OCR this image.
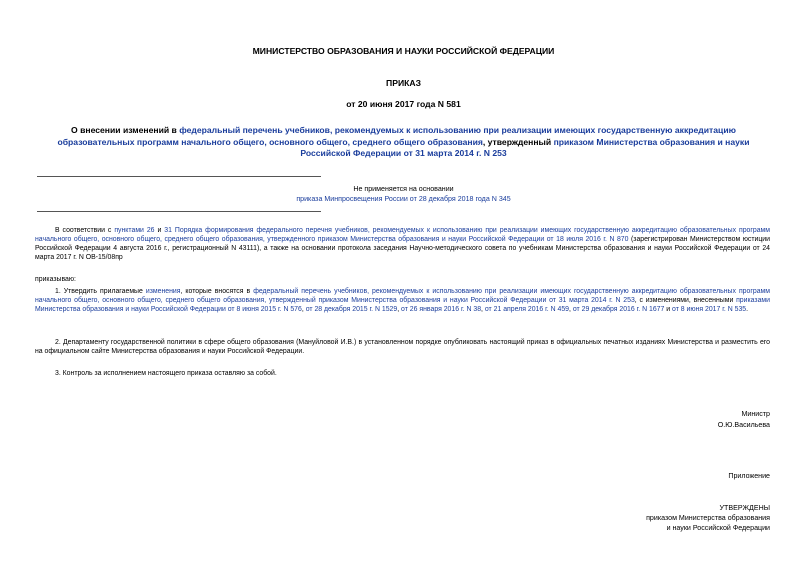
МИНИСТЕРСТВО ОБРАЗОВАНИЯ И НАУКИ РОССИЙСКОЙ ФЕДЕРАЦИИ
ПРИКАЗ
от 20 июня 2017 года N 581
О внесении изменений в федеральный перечень учебников, рекомендуемых к использованию при реализации имеющих государственную аккредитацию образовательных программ начального общего, основного общего, среднего общего образования, утвержденный приказом Министерства образования и науки Российской Федерации от 31 марта 2014 г. N 253
Не применяется на основании
приказа Минпросвещения России от 28 декабря 2018 года N 345

В соответствии с пунктами 26 и 31 Порядка формирования федерального перечня учебников, рекомендуемых к использованию при реализации имеющих государственную аккредитацию образовательных программ начального общего, основного общего, среднего общего образования, утвержденного приказом Министерства образования и науки Российской Федерации от 18 июля 2016 г. N 870 (зарегистрирован Министерством юстиции Российской Федерации 4 августа 2016 г., регистрационный N 43111), а также на основании протокола заседания Научно-методического совета по учебникам Министерства образования и науки Российской Федерации от 24 марта 2017 г. N ОВ-15/08пр

приказываю:

1. Утвердить прилагаемые изменения, которые вносятся в федеральный перечень учебников, рекомендуемых к использованию при реализации имеющих государственную аккредитацию образовательных программ начального общего, основного общего, среднего общего образования, утвержденный приказом Министерства образования и науки Российской Федерации от 31 марта 2014 г. N 253, с изменениями, внесенными приказами Министерства образования и науки Российской Федерации от 8 июня 2015 г. N 576, от 28 декабря 2015 г. N 1529, от 26 января 2016 г. N 38, от 21 апреля 2016 г. N 459, от 29 декабря 2016 г. N 1677 и от 8 июня 2017 г. N 535.

2. Департаменту государственной политики в сфере общего образования (Мануйловой И.В.) в установленном порядке опубликовать настоящий приказ в официальных печатных изданиях Министерства и разместить его на официальном сайте Министерства образования и науки Российской Федерации.

3. Контроль за исполнением настоящего приказа оставляю за собой.

Министр
О.Ю.Васильева
Приложение
УТВЕРЖДЕНЫ
приказом Министерства образования
и науки Российской Федерации
